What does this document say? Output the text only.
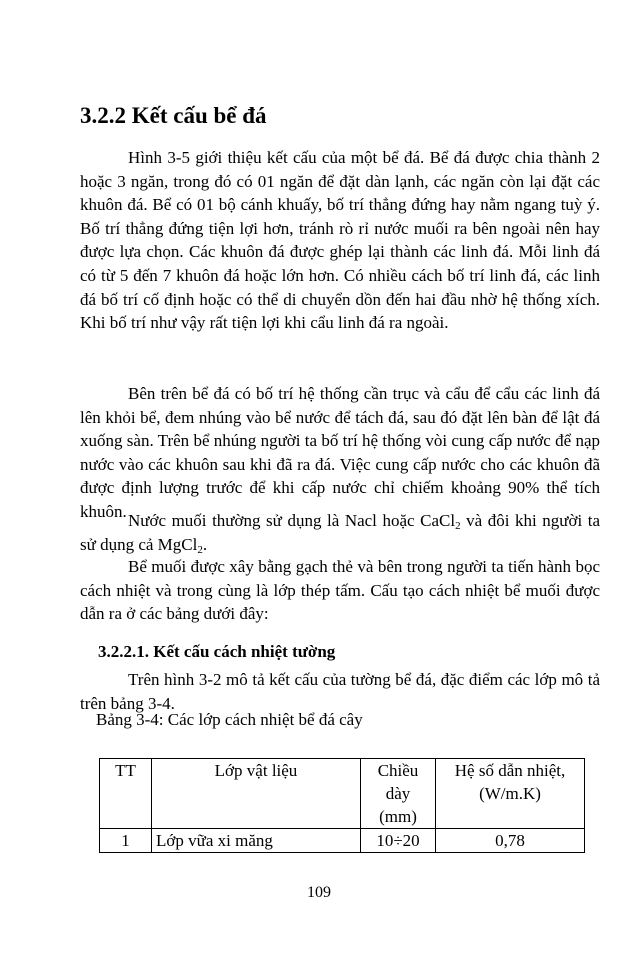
3.2.2 Kết cấu bể đá

Hình 3-5 giới thiệu kết cấu của một bể đá. Bể đá được chia thành 2 hoặc 3 ngăn, trong đó có 01 ngăn để đặt dàn lạnh, các ngăn còn lại đặt các khuôn đá. Bể có 01 bộ cánh khuấy, bố trí thẳng đứng hay nằm ngang tuỳ ý. Bố trí thẳng đứng tiện lợi hơn, tránh rò rỉ nước muối ra bên ngoài nên hay được lựa chọn. Các khuôn đá được ghép lại thành các linh đá. Mỗi linh đá có từ 5 đến 7 khuôn đá hoặc lớn hơn. Có nhiều cách bố trí linh đá, các linh đá bố trí cố định hoặc có thể di chuyển dồn đến hai đầu nhờ hệ thống xích. Khi bố trí như vậy rất tiện lợi khi cẩu linh đá ra ngoài.

Bên trên bể đá có bố trí hệ thống cần trục và cẩu để cẩu các linh đá lên khỏi bể, đem nhúng vào bể nước để tách đá, sau đó đặt lên bàn để lật đá xuống sàn. Trên bể nhúng người ta bố trí hệ thống vòi cung cấp nước để nạp nước vào các khuôn sau khi đã ra đá. Việc cung cấp nước cho các khuôn đã được định lượng trước để khi cấp nước chỉ chiếm khoảng 90% thể tích khuôn. Nước muối thường sử dụng là Nacl hoặc CaCl$_2$ và đôi khi người ta sử dụng cả MgCl$_2$.

Bể muối được xây bằng gạch thẻ và bên trong người ta tiến hành bọc cách nhiệt và trong cùng là lớp thép tấm. Cấu tạo cách nhiệt bể muối được dẫn ra ở các bảng dưới đây:

3.2.2.1. Kết cấu cách nhiệt tường

Trên hình 3-2 mô tả kết cấu của tường bể đá, đặc điểm các lớp mô tả trên bảng 3-4.

Bảng 3-4: Các lớp cách nhiệt bể đá cây
TT	Lớp vật liệu	Chiều dày (mm)	Hệ số dẫn nhiệt, (W/m.K)
1	Lớp vữa xi măng	10÷20	0,78
109
